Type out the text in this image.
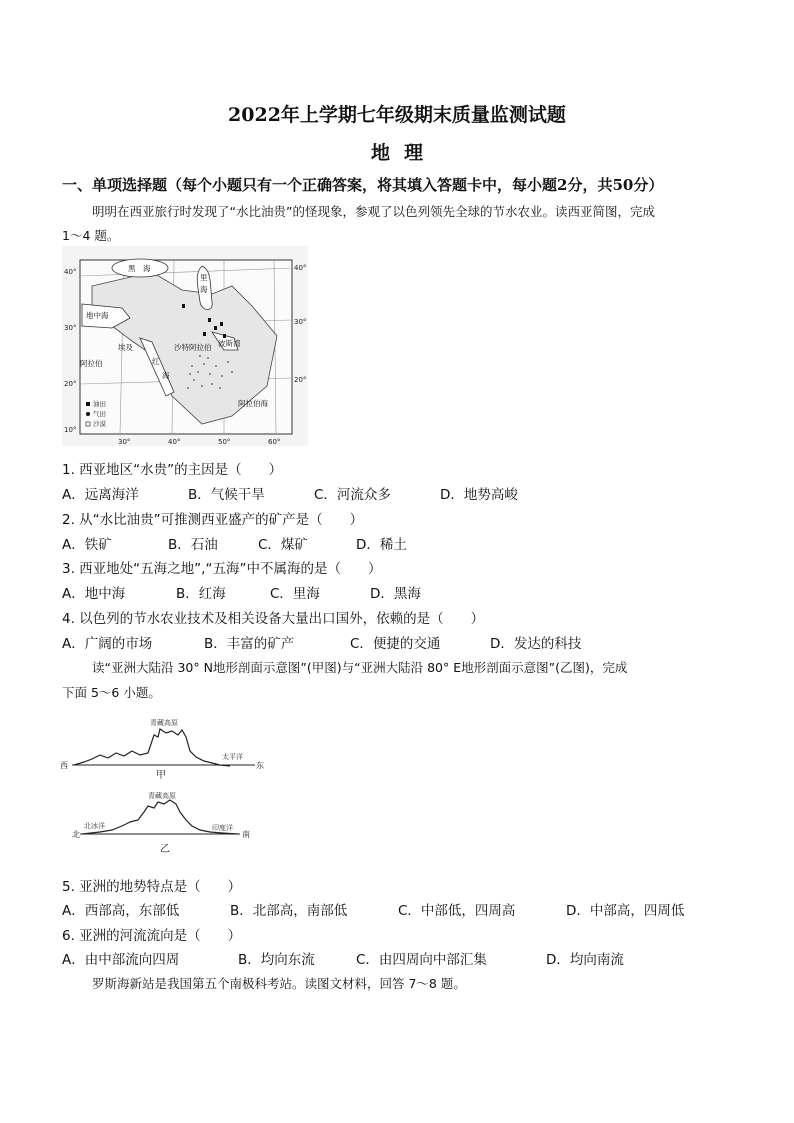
2022年上学期七年级期末质量监测试题
地理
一、单项选择题（每个小题只有一个正确答案，将其填入答题卡中，每小题2分，共50分）
明明在西亚旅行时发现了“水比油贵”的怪现象，参观了以色列领先全球的节水农业。读西亚简图，完成
1～4 题。
40°
30°
20°
10°
40°
30°
20°
30°	40°	50°	60°
黑　海
里
海
地中海
红
海
波斯湾
阿拉伯海
阿拉伯
沙特阿拉伯
埃及
油田
气田
沙漠
1. 西亚地区“水贵”的主因是（　　）
A．远离海洋	B．气候干旱	C．河流众多	D．地势高峻
2. 从“水比油贵”可推测西亚盛产的矿产是（　　）
A．铁矿	B．石油	C．煤矿	D．稀土
3. 西亚地处“五海之地”,“五海”中不属海的是（　　）
A．地中海	B．红海	C．里海	D．黑海
4. 以色列的节水农业技术及相关设备大量出口国外，依赖的是（　　）
A．广阔的市场	B．丰富的矿产	C．便捷的交通	D．发达的科技
读“亚洲大陆沿 30° N地形剖面示意图”(甲图)与“亚洲大陆沿 80° E地形剖面示意图”(乙图)，完成
下面 5～6 小题。
青藏高原
西	东
太平洋
甲
青藏高原
北	南
北冰洋	印度洋
乙
5. 亚洲的地势特点是（　　）
A．西部高，东部低	B．北部高，南部低	C．中部低，四周高	D．中部高，四周低
6. 亚洲的河流流向是（　　）
A．由中部流向四周	B．均向东流	C．由四周向中部汇集	D．均向南流
罗斯海新站是我国第五个南极科考站。读图文材料，回答 7～8 题。
